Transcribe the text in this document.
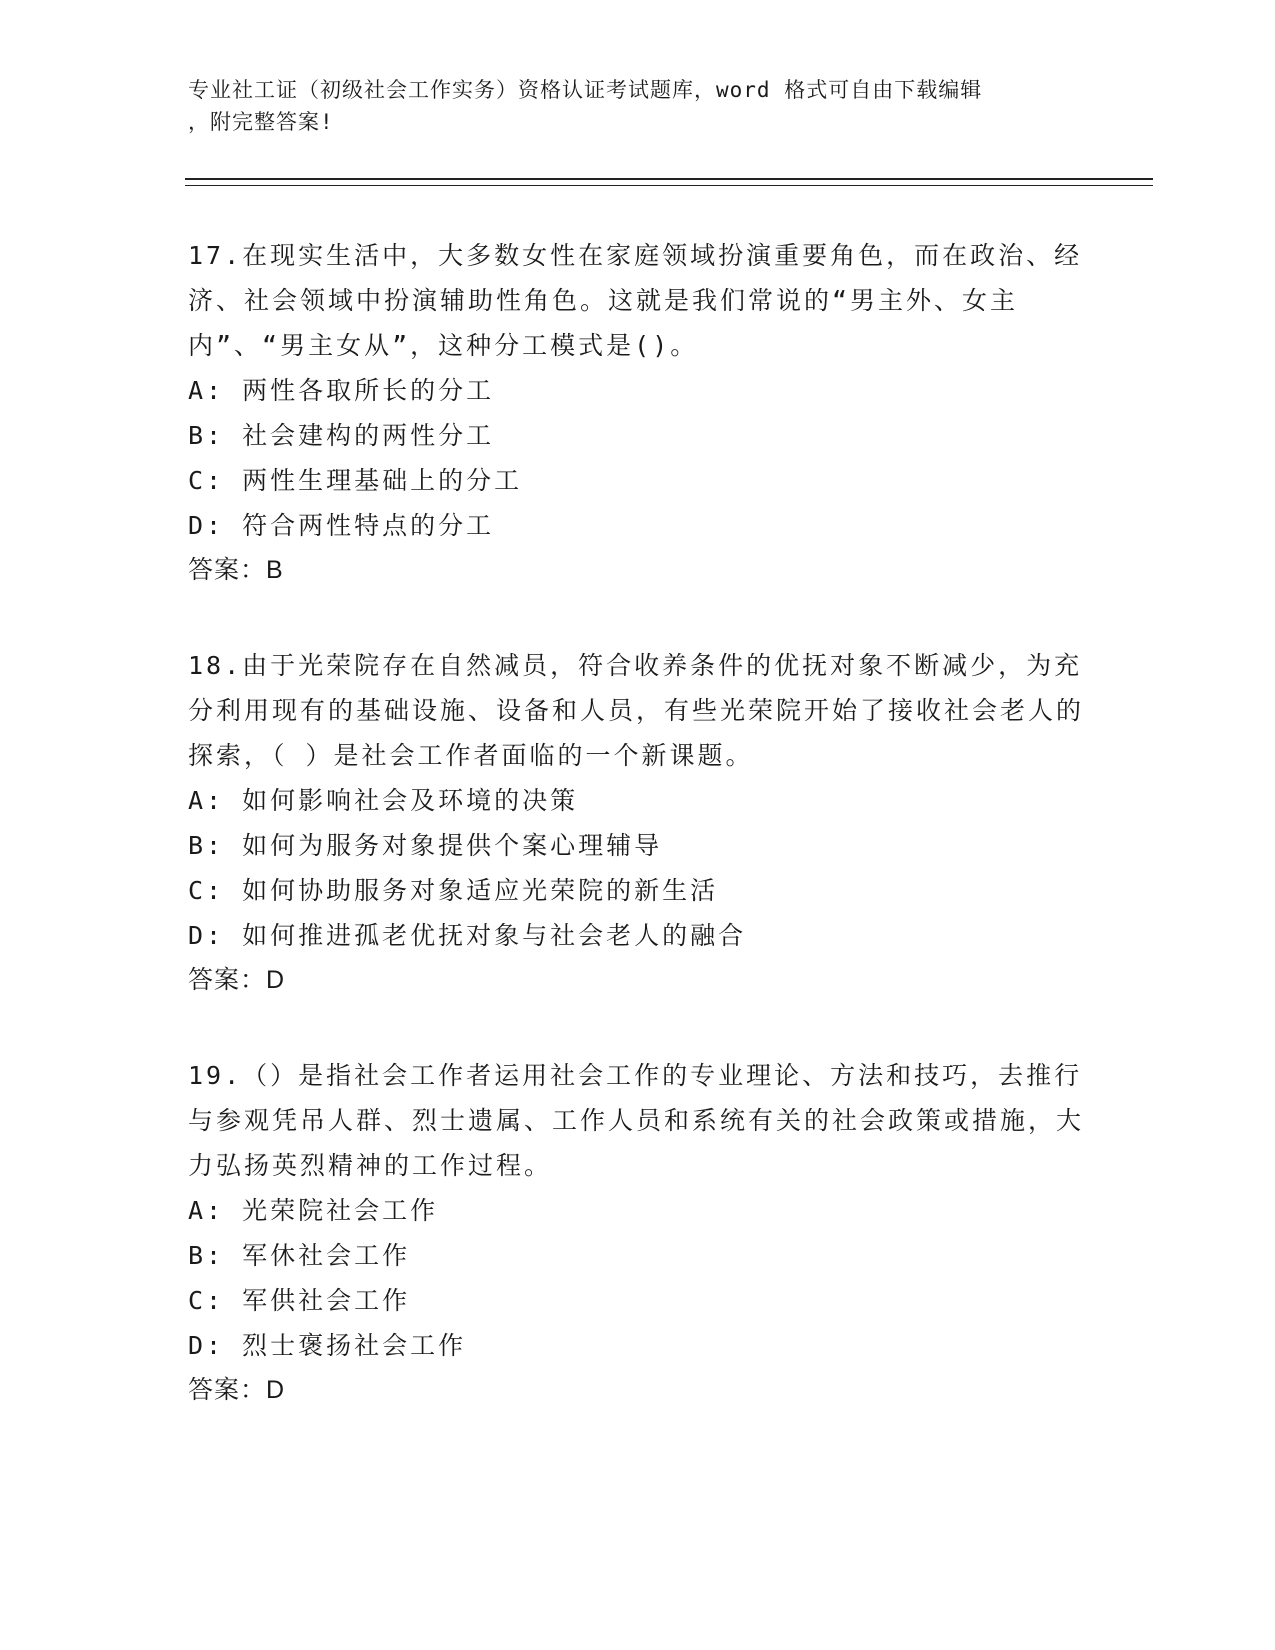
专业社工证（初级社会工作实务）资格认证考试题库，word 格式可自由下载编辑
，附完整答案!
17.在现实生活中，大多数女性在家庭领域扮演重要角色，而在政治、经济、社会领域中扮演辅助性角色。这就是我们常说的“男主外、女主内”、“男主女从”，这种分工模式是()。
A: 两性各取所长的分工
B: 社会建构的两性分工
C: 两性生理基础上的分工
D: 符合两性特点的分工
答案：B
18.由于光荣院存在自然减员，符合收养条件的优抚对象不断减少，为充分利用现有的基础设施、设备和人员，有些光荣院开始了接收社会老人的探索，（ ）是社会工作者面临的一个新课题。
A: 如何影响社会及环境的决策
B: 如何为服务对象提供个案心理辅导
C: 如何协助服务对象适应光荣院的新生活
D: 如何推进孤老优抚对象与社会老人的融合
答案：D
19.（）是指社会工作者运用社会工作的专业理论、方法和技巧，去推行与参观凭吊人群、烈士遗属、工作人员和系统有关的社会政策或措施，大力弘扬英烈精神的工作过程。
A: 光荣院社会工作
B: 军休社会工作
C: 军供社会工作
D: 烈士褒扬社会工作
答案：D
